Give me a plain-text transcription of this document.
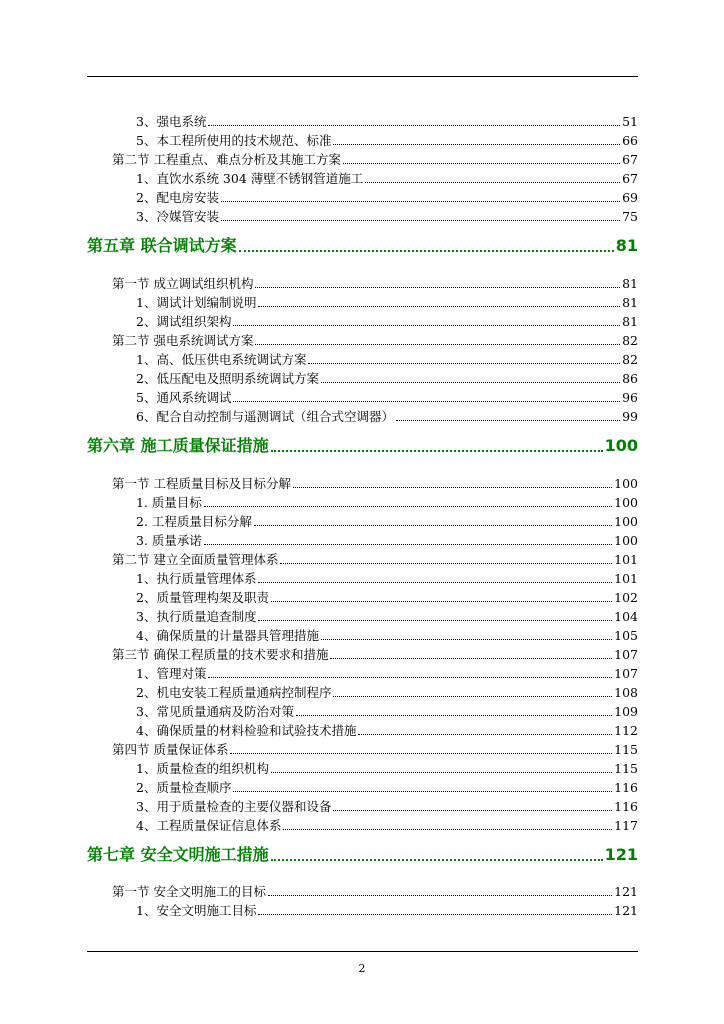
3、强电系统	51
5、本工程所使用的技术规范、标准	66
第二节 工程重点、难点分析及其施工方案	67
1、直饮水系统 304 薄壁不锈钢管道施工	67
2、配电房安装	69
3、冷媒管安装	75
第五章 联合调试方案	81
第一节 成立调试组织机构	81
1、调试计划编制说明	81
2、调试组织架构	81
第二节 强电系统调试方案	82
1、高、低压供电系统调试方案	82
2、低压配电及照明系统调试方案	86
5、通风系统调试	96
6、配合自动控制与遥测调试（组合式空调器）	99
第六章 施工质量保证措施	100
第一节 工程质量目标及目标分解	100
1. 质量目标	100
2. 工程质量目标分解	100
3. 质量承诺	100
第二节 建立全面质量管理体系	101
1、执行质量管理体系	101
2、质量管理构架及职责	102
3、执行质量追查制度	104
4、确保质量的计量器具管理措施	105
第三节 确保工程质量的技术要求和措施	107
1、管理对策	107
2、机电安装工程质量通病控制程序	108
3、常见质量通病及防治对策	109
4、确保质量的材料检验和试验技术措施	112
第四节 质量保证体系	115
1、质量检查的组织机构	115
2、质量检查顺序	116
3、用于质量检查的主要仪器和设备	116
4、工程质量保证信息体系	117
第七章 安全文明施工措施	121
第一节 安全文明施工的目标	121
1、安全文明施工目标	121
2
